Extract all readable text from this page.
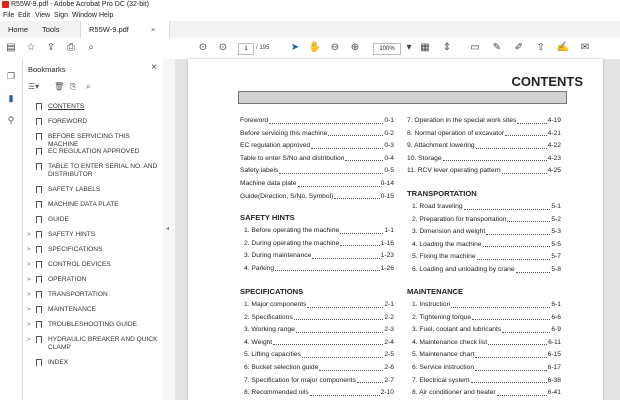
R55W-9.pdf - Adobe Acrobat Pro DC (32-bit)
File Edit View Sign Window Help
Home	Tools	R55W-9.pdf	×
▤ ☆ ⇪	⎙	⌕	⊙ ⊙	1	/ 195 ➤ ✋ ⊖ ⊕	100%	▾ ▦ ⇕ ▭ ✎ ✐ ⇧ ✍ ✉
❐
▮
⚲
Bookmarks	×
☰▾ 🗑 ⎘ ⌕
CONTENTS
FOREWORD
BEFORE SERVICING THIS MACHINE
EC REGULATION APPROVED
TABLE TO ENTER SERIAL NO. AND DISTRIBUTOR
SAFETY LABELS
MACHINE DATA PLATE
GUIDE
>	SAFETY HINTS
>	SPECIFICATIONS
>	CONTROL DEVICES
>	OPERATION
>	TRANSPORTATION
>	MAINTENANCE
>	TROUBLESHOOTING GUIDE
>	HYDRAULIC BREAKER AND QUICK CLAMP
INDEX
◂
CONTENTS
Foreword	0-1
Before servicing this machine	0-2
EC regulation approved	0-3
Table to enter S/No and distribution	0-4
Safety labels	0-5
Machine data plate	0-14
Guide(Direction, S/No, Symbol)	0-15
SAFETY HINTS
1. Before operating the machine	1-1
2. During operating the machine	1-16
3. During maintenance	1-23
4. Parking	1-26
SPECIFICATIONS
1. Major components	2-1
2. Specifications	2-2
3. Working range	2-3
4. Weight	2-4
5. Lifting capacities	2-5
6. Bucket selection guide	2-6
7. Specification for major components	2-7
8. Recommended oils	2-10
7. Operation in the special work sites	4-19
8. Normal operation of excavator	4-21
9. Attachment lowering	4-22
10. Storage	4-23
11. RCV lever operating pattern	4-25
TRANSPORTATION
1. Road traveling	5-1
2. Preparation for transportation	5-2
3. Dimension and weight	5-3
4. Loading the machine	5-5
5. Fixing the machine	5-7
6. Loading and unloading by crane	5-8
MAINTENANCE
1. Instruction	6-1
2. Tightening torque	6-6
3. Fuel, coolant and lubricants	6-9
4. Maintenance check list	6-11
5. Maintenance chart	6-15
6. Service instruction	6-17
7. Electrical system	6-38
8. Air conditioner and heater	6-41
